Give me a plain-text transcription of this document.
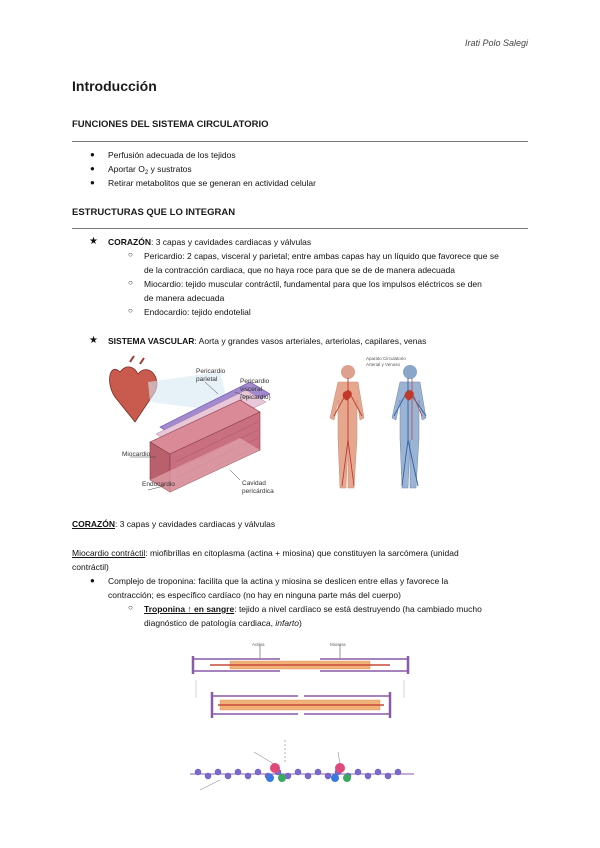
Irati Polo Salegi
Introducción
FUNCIONES DEL SISTEMA CIRCULATORIO
● Perfusión adecuada de los tejidos
● Aportar $O_2$ y sustratos
● Retirar metabolitos que se generan en actividad celular
ESTRUCTURAS QUE LO INTEGRAN
★ CORAZÓN: 3 capas y cavidades cardiacas y válvulas
○ Pericardio: 2 capas, visceral y parietal; entre ambas capas hay un líquido que favorece que se
de la contracción cardiaca, que no haya roce para que se de de manera adecuada
○ Miocardio: tejido muscular contráctil, fundamental para que los impulsos eléctricos se den
de manera adecuada
○ Endocardio: tejido endotelial
★ SISTEMA VASCULAR: Aorta y grandes vasos arteriales, arteriolas, capilares, venas
Pericardio
parietal	Pericardio
visceral
(epicardio)
Miocardio
Endocardio	Cavidad
pericárdica
Aparato Circulatorio
Arterial y Venoso
CORAZÓN: 3 capas y cavidades cardiacas y válvulas
Miocardio contráctil: miofibrillas en citoplasma (actina + miosina) que constituyen la sarcómera (unidad
contráctil)
● Complejo de troponina: facilita que la actina y miosina se deslicen entre ellas y favorece la
contracción; es específico cardíaco (no hay en ninguna parte más del cuerpo)
○ Troponina ↑ en sangre: tejido a nivel cardíaco se está destruyendo (ha cambiado mucho
diagnóstico de patología cardiaca, infarto)
Actina	Miosina
